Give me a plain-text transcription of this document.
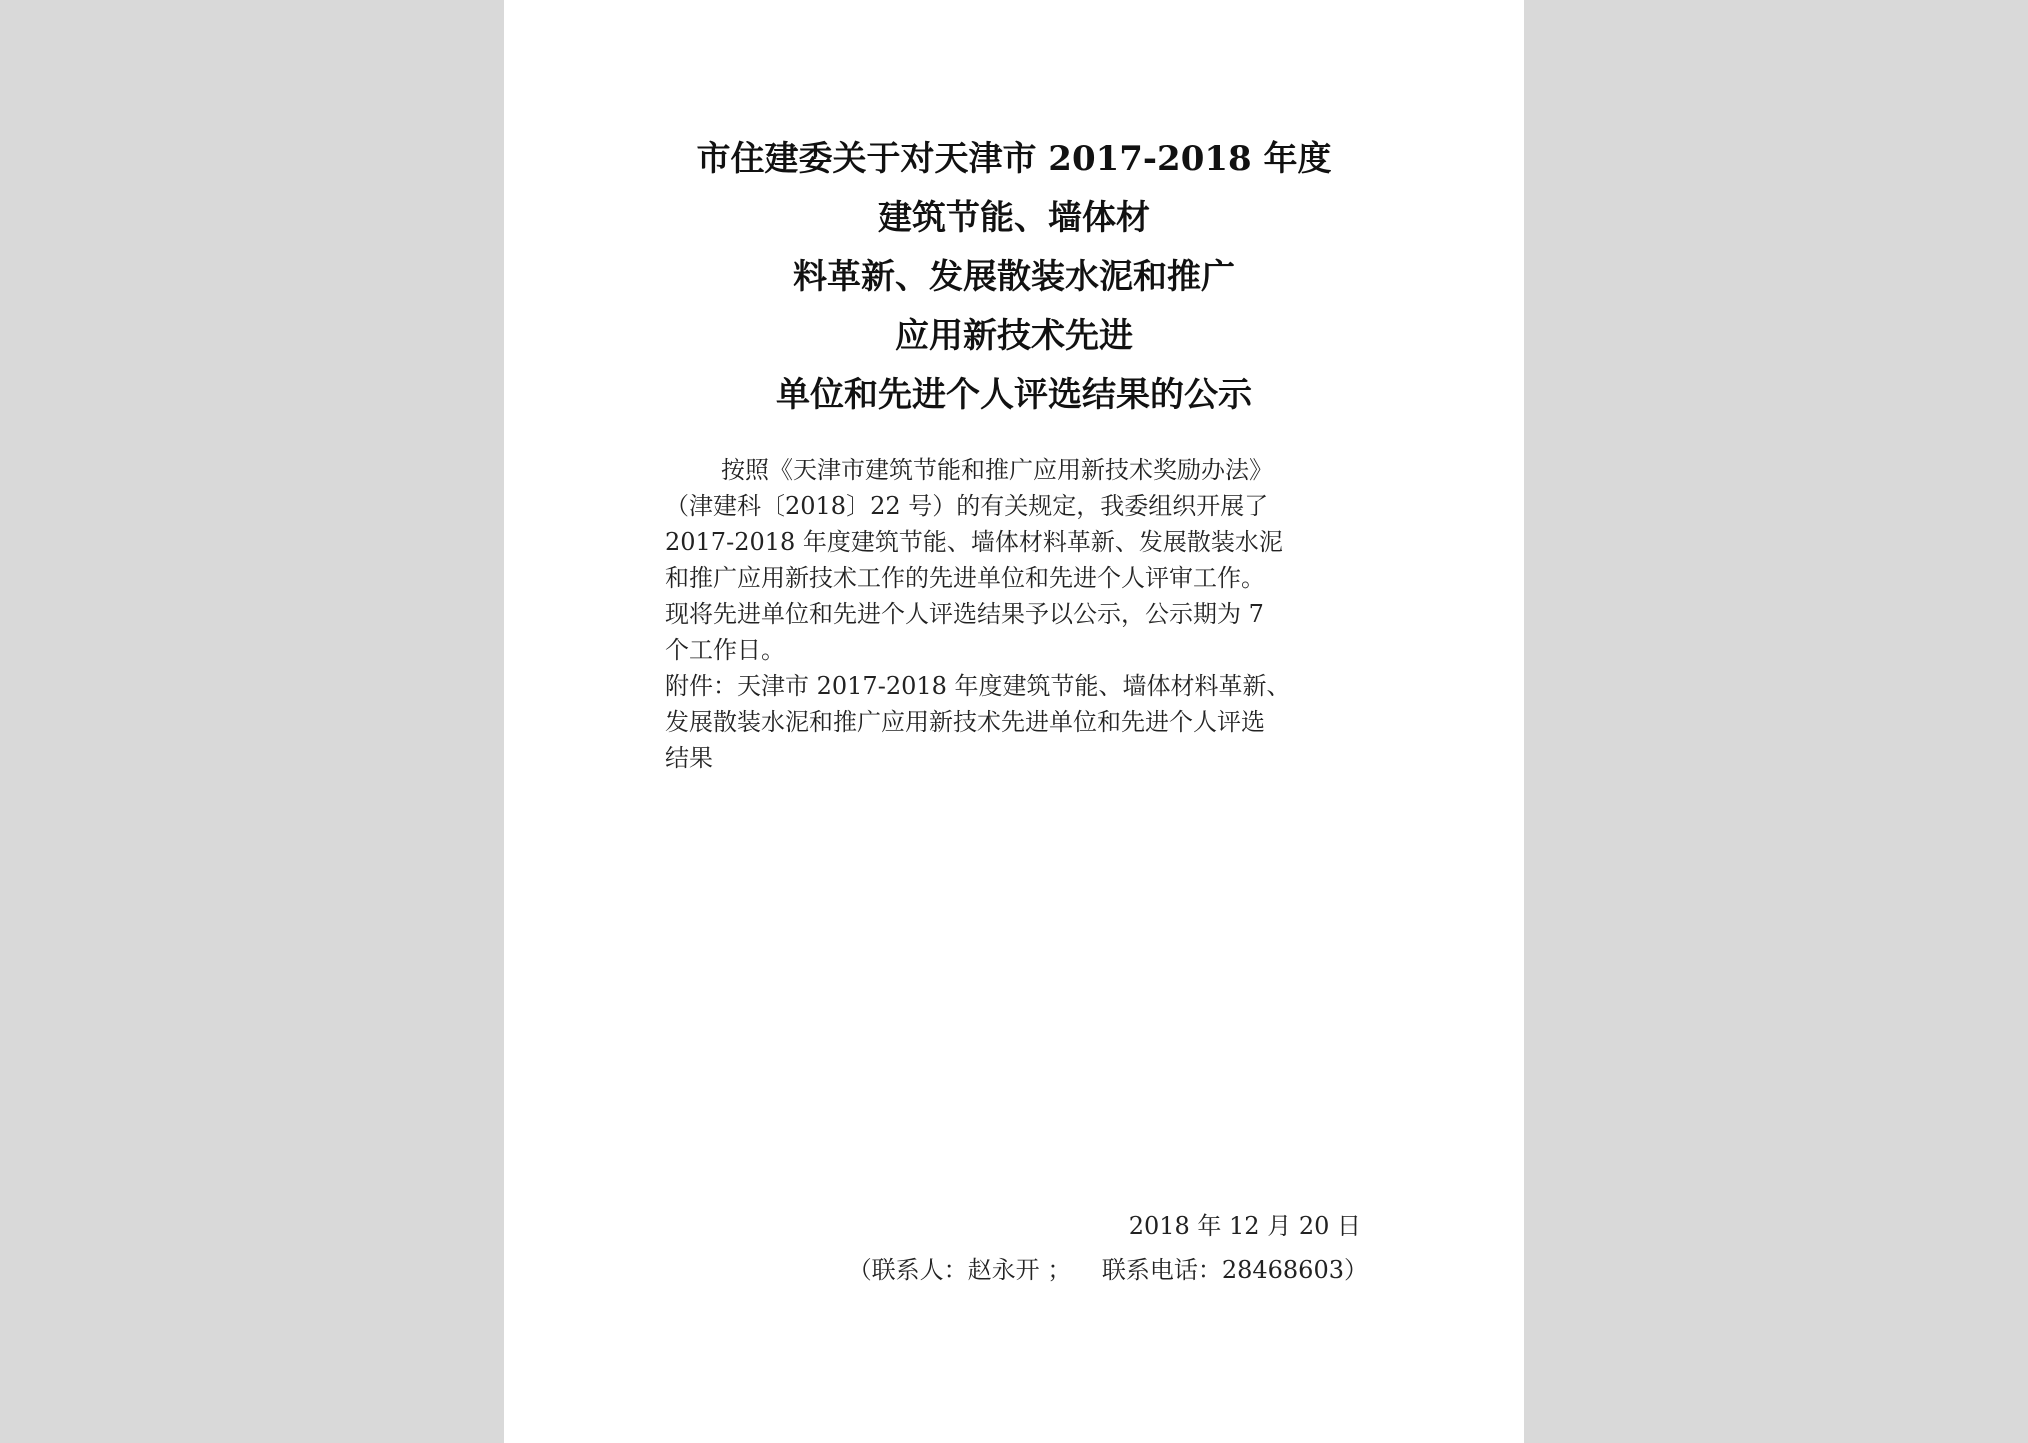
市住建委关于对天津市 2017-2018 年度
建筑节能、墙体材
料革新、发展散装水泥和推广
应用新技术先进
单位和先进个人评选结果的公示
按照《天津市建筑节能和推广应用新技术奖励办法》
（津建科〔2018〕22 号）的有关规定，我委组织开展了
2017-2018 年度建筑节能、墙体材料革新、发展散装水泥
和推广应用新技术工作的先进单位和先进个人评审工作。
现将先进单位和先进个人评选结果予以公示，公示期为 7
个工作日。
附件：天津市 2017-2018 年度建筑节能、墙体材料革新、
发展散装水泥和推广应用新技术先进单位和先进个人评选
结果
2018 年 12 月 20 日
（联系人：赵永开 ；    联系电话：28468603）
